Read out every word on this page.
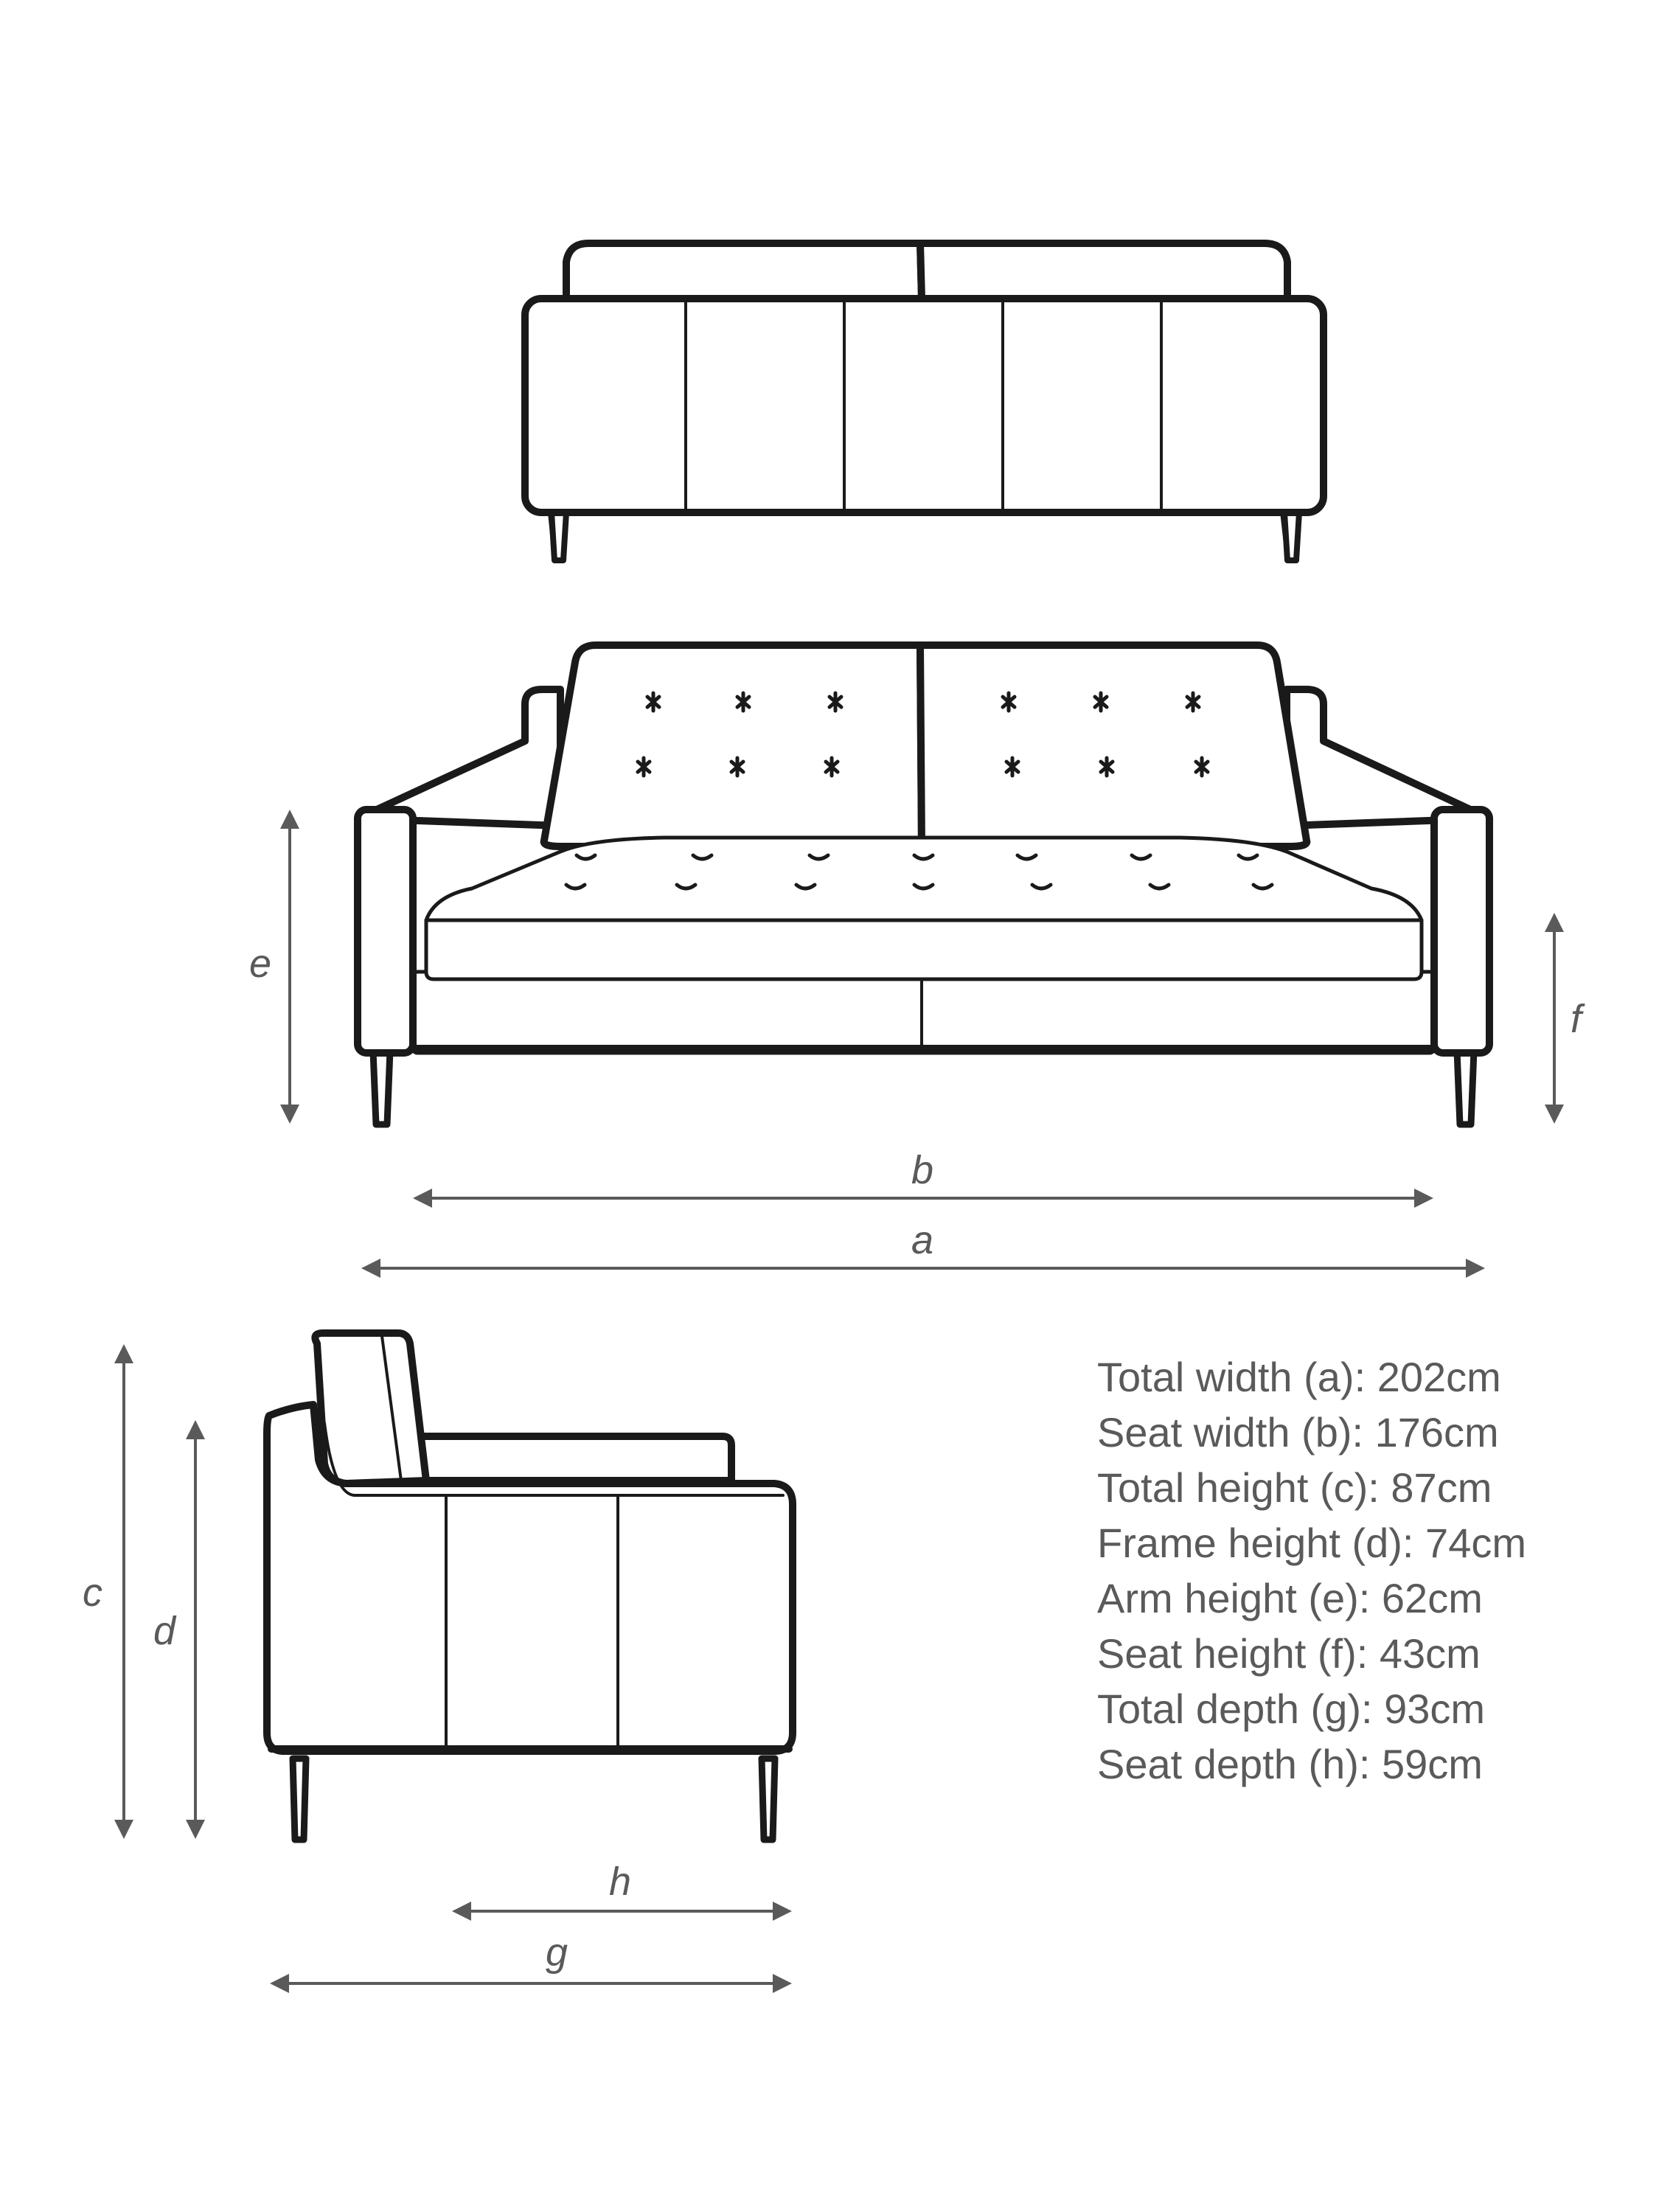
e
f
b
a
c
d
h
g
Total width (a): 202cm
Seat width (b): 176cm
Total height (c): 87cm
Frame height (d): 74cm
Arm height (e): 62cm
Seat height (f): 43cm
Total depth (g): 93cm
Seat depth (h): 59cm
